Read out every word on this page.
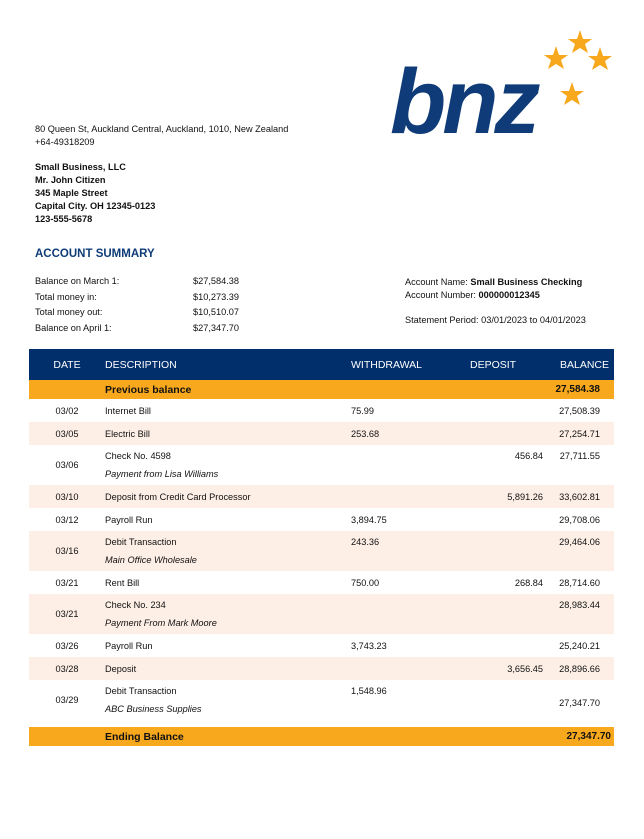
bnz
80 Queen St, Auckland Central, Auckland, 1010, New Zealand
+64-49318209
Small Business, LLC
Mr. John Citizen
345 Maple Street
Capital City. OH 12345-0123
123-555-5678
ACCOUNT SUMMARY
Balance on March 1:	$27,584.38
Total money in:	$10,273.39
Total money out:	$10,510.07
Balance on April 1:	$27,347.70
Account Name: Small Business Checking
Account Number: 000000012345
Statement Period: 03/01/2023 to 04/01/2023
DATE	DESCRIPTION	WITHDRAWAL	DEPOSIT	BALANCE
	Previous balance			27,584.38
03/02	Internet Bill	75.99		27,508.39
03/05	Electric Bill	253.68		27,254.71
03/06	Check No. 4598
Payment from Lisa Williams		456.84	27,711.55
03/10	Deposit from Credit Card Processor		5,891.26	33,602.81
03/12	Payroll Run	3,894.75		29,708.06
03/16	Debit Transaction
Main Office Wholesale	243.36		29,464.06
03/21	Rent Bill	750.00	268.84	28,714.60
03/21	Check No. 234
Payment From Mark Moore			28,983.44
03/26	Payroll Run	3,743.23		25,240.21
03/28	Deposit		3,656.45	28,896.66
03/29	Debit Transaction
ABC Business Supplies	1,548.96		27,347.70

	Ending Balance			27,347.70
